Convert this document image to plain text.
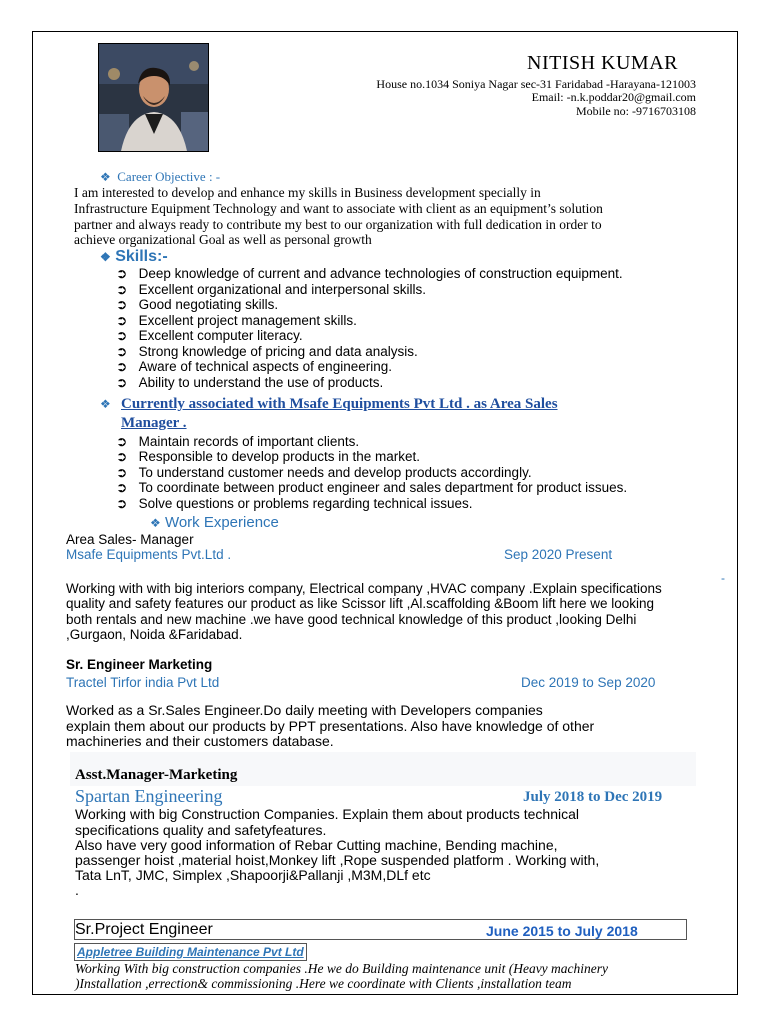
NITISH KUMAR
House no.1034 Soniya Nagar sec-31 Faridabad -Harayana-121003
Email: -n.k.poddar20@gmail.com
Mobile no: -9716703108
❖ Career Objective : -
I am interested to develop and enhance my skills in Business development specially in
Infrastructure Equipment Technology and want to associate with client as an equipment’s solution
partner and always ready to contribute my best to our organization with full dedication in order to
achieve organizational Goal as well as personal growth
❖ Skills:-
➲ Deep knowledge of current and advance technologies of construction equipment.
➲ Excellent organizational and interpersonal skills.
➲ Good negotiating skills.
➲ Excellent project management skills.
➲ Excellent computer literacy.
➲ Strong knowledge of pricing and data analysis.
➲ Aware of technical aspects of engineering.
➲ Ability to understand the use of products.
❖ Currently associated with Msafe Equipments Pvt Ltd . as Area Sales
Manager .
➲ Maintain records of important clients.
➲ Responsible to develop products in the market.
➲ To understand customer needs and develop products accordingly.
➲ To coordinate between product engineer and sales department for product issues.
➲ Solve questions or problems regarding technical issues.
❖ Work Experience
Area Sales- Manager
Msafe Equipments Pvt.Ltd .	Sep 2020 Present
-
Working with with big interiors company, Electrical company ,HVAC company .Explain specifications
quality and safety features our product as like Scissor lift ,Al.scaffolding &Boom lift here we looking
both rentals and new machine .we have good technical knowledge of this product ,looking Delhi
,Gurgaon, Noida &Faridabad.
Sr. Engineer Marketing
Tractel Tirfor india Pvt Ltd	Dec 2019 to Sep 2020
Worked as a Sr.Sales Engineer.Do daily meeting with Developers companies
explain them about our products by PPT presentations. Also have knowledge of other
machineries and their customers database.
Asst.Manager-Marketing
Spartan Engineering	July 2018 to Dec 2019
Working with big Construction Companies. Explain them about products technical
specifications quality and safetyfeatures.
Also have very good information of Rebar Cutting machine, Bending machine,
passenger hoist ,material hoist,Monkey lift ,Rope suspended platform . Working with,
Tata LnT, JMC, Simplex ,Shapoorji&Pallanji ,M3M,DLf etc
.
Sr.Project Engineer	June 2015 to July 2018
Appletree Building Maintenance Pvt Ltd
Working With big construction companies .He we do Building maintenance unit (Heavy machinery
)Installation ,errection& commissioning .Here we coordinate with Clients ,installation team
